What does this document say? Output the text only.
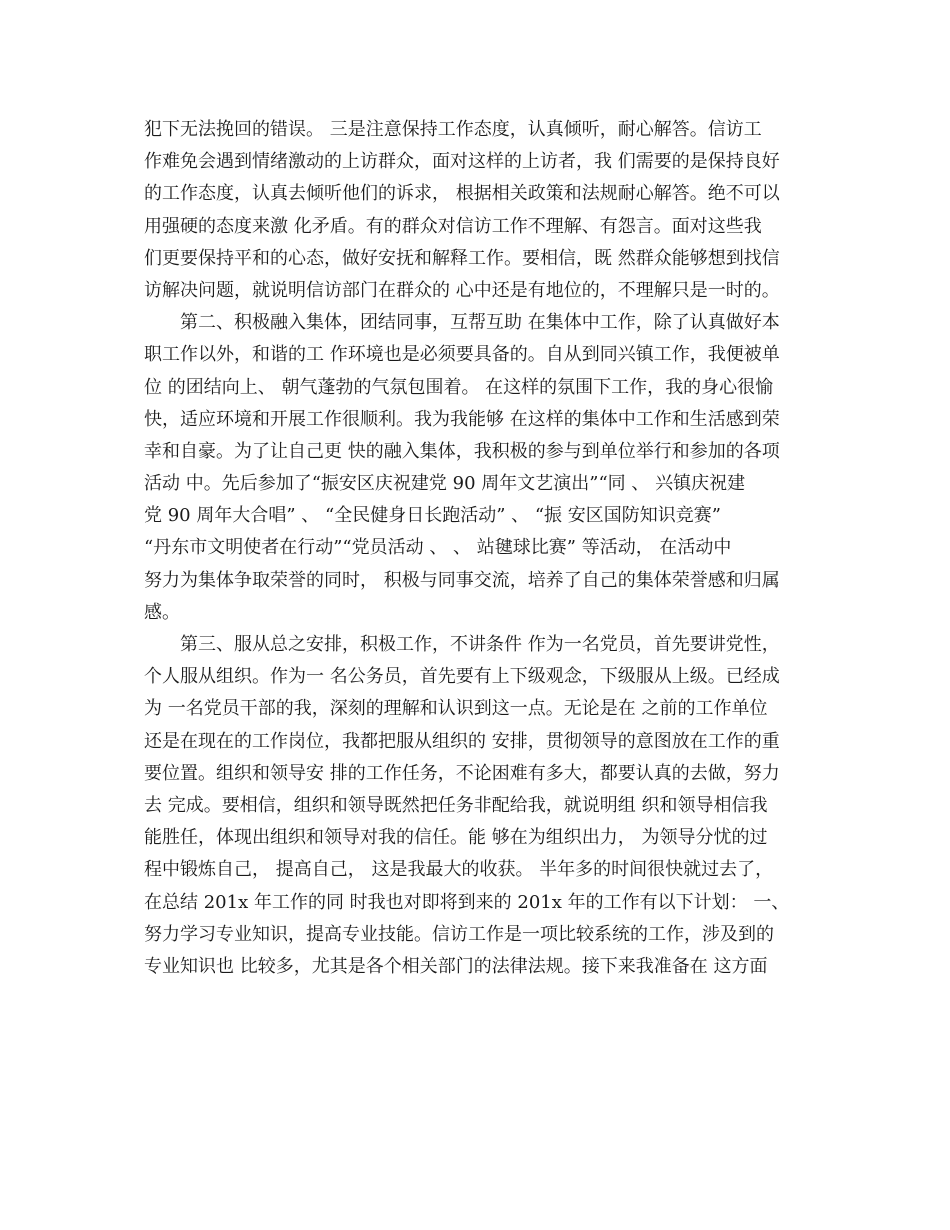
犯下无法挽回的错误。 三是注意保持工作态度，认真倾听，耐心解答。信访工
作难免会遇到情绪激动的上访群众，面对这样的上访者，我 们需要的是保持良好
的工作态度，认真去倾听他们的诉求， 根据相关政策和法规耐心解答。绝不可以
用强硬的态度来激 化矛盾。有的群众对信访工作不理解、有怨言。面对这些我
们更要保持平和的心态，做好安抚和解释工作。要相信，既 然群众能够想到找信
访解决问题，就说明信访部门在群众的 心中还是有地位的，不理解只是一时的。
　　第二、积极融入集体，团结同事，互帮互助 在集体中工作，除了认真做好本
职工作以外，和谐的工 作环境也是必须要具备的。自从到同兴镇工作，我便被单
位 的团结向上、 朝气蓬勃的气氛包围着。 在这样的氛围下工作，我的身心很愉
快，适应环境和开展工作很顺利。我为我能够 在这样的集体中工作和生活感到荣
幸和自豪。为了让自己更 快的融入集体，我积极的参与到单位举行和参加的各项
活动 中。先后参加了“振安区庆祝建党 90 周年文艺演出”“同 、 兴镇庆祝建
党 90 周年大合唱” 、 “全民健身日长跑活动” 、 “振 安区国防知识竞赛”
“丹东市文明使者在行动”“党员活动 、 、 站毽球比赛” 等活动， 在活动中
努力为集体争取荣誉的同时， 积极与同事交流，培养了自己的集体荣誉感和归属
感。
　　第三、服从总之安排，积极工作，不讲条件 作为一名党员，首先要讲党性，
个人服从组织。作为一 名公务员，首先要有上下级观念，下级服从上级。已经成
为 一名党员干部的我，深刻的理解和认识到这一点。无论是在 之前的工作单位
还是在现在的工作岗位，我都把服从组织的 安排，贯彻领导的意图放在工作的重
要位置。组织和领导安 排的工作任务，不论困难有多大，都要认真的去做，努力
去 完成。要相信，组织和领导既然把任务非配给我，就说明组 织和领导相信我
能胜任，体现出组织和领导对我的信任。能 够在为组织出力， 为领导分忧的过
程中锻炼自己， 提高自己， 这是我最大的收获。 半年多的时间很快就过去了，
在总结 201x 年工作的同 时我也对即将到来的 201x 年的工作有以下计划： 一、
努力学习专业知识，提高专业技能。信访工作是一项比较系统的工作，涉及到的
专业知识也 比较多，尤其是各个相关部门的法律法规。接下来我准备在 这方面
